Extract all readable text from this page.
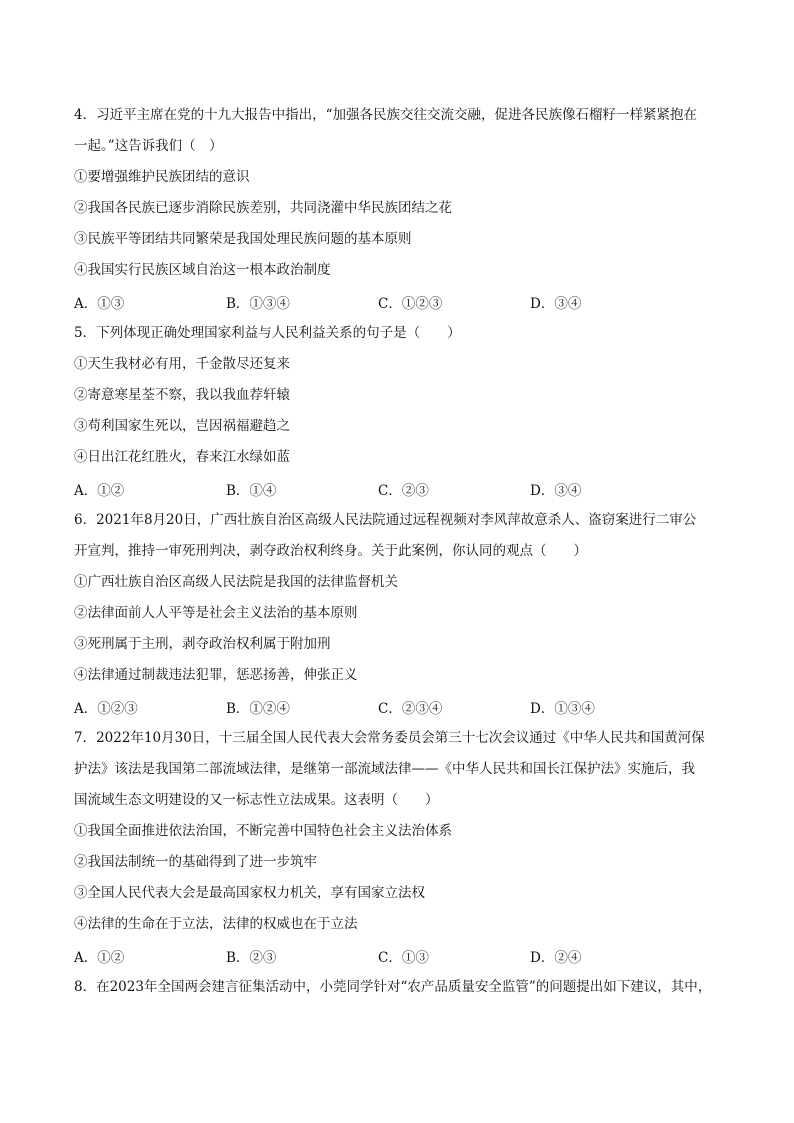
4．习近平主席在党的十九大报告中指出，“加强各民族交往交流交融，促进各民族像石榴籽一样紧紧抱在
一起。”这告诉我们（　）
①要增强维护民族团结的意识
②我国各民族已逐步消除民族差别，共同浇灌中华民族团结之花
③民族平等团结共同繁荣是我国处理民族问题的基本原则
④我国实行民族区域自治这一根本政治制度
A．①③	B．①③④	C．①②③	D．③④
5．下列体现正确处理国家利益与人民利益关系的句子是（　　）
①天生我材必有用，千金散尽还复来
②寄意寒星荃不察，我以我血荐轩辕
③苟利国家生死以，岂因祸福避趋之
④日出江花红胜火，春来江水绿如蓝
A．①②	B．①④	C．②③	D．③④
6．2021年8月20日，广西壮族自治区高级人民法院通过远程视频对李风萍故意杀人、盗窃案进行二审公
开宣判，推持一审死刑判决，剥夺政治权利终身。关于此案例，你认同的观点（　　）
①广西壮族自治区高级人民法院是我国的法律监督机关
②法律面前人人平等是社会主义法治的基本原则
③死刑属于主刑，剥夺政治权利属于附加刑
④法律通过制裁违法犯罪，惩恶扬善，伸张正义
A．①②③	B．①②④	C．②③④	D．①③④
7．2022年10月30日，十三届全国人民代表大会常务委员会第三十七次会议通过《中华人民共和国黄河保
护法》该法是我国第二部流域法律，是继第一部流域法律——《中华人民共和国长江保护法》实施后，我
国流域生态文明建设的又一标志性立法成果。这表明（　　）
①我国全面推进依法治国，不断完善中国特色社会主义法治体系
②我国法制统一的基础得到了进一步筑牢
③全国人民代表大会是最高国家权力机关，享有国家立法权
④法律的生命在于立法，法律的权威也在于立法
A．①②	B．②③	C．①③	D．②④
8．在2023年全国两会建言征集活动中，小莞同学针对“农产品质量安全监管”的问题提出如下建议，其中，
